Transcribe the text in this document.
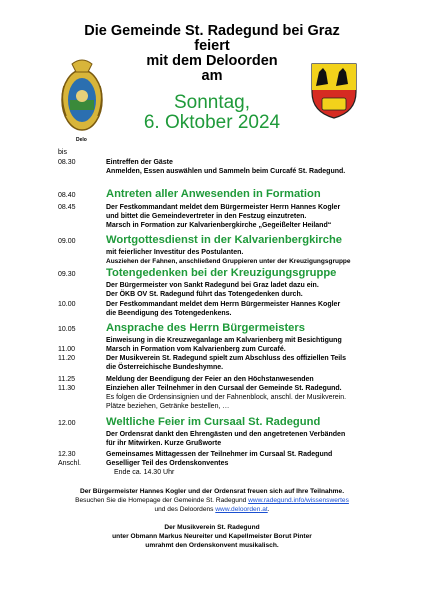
Die Gemeinde St. Radegund bei Graz
feiert
mit dem Deloorden
am
Sonntag,
6. Oktober 2024
Delo
bis
08.30	Eintreffen der Gäste
Anmelden, Essen auswählen und Sammeln beim Curcafé St. Radegund.
08.40	Antreten aller Anwesenden in Formation
08.45	Der Festkommandant meldet dem Bürgermeister Herrn Hannes Kogler
und bittet die Gemeindevertreter in den Festzug einzutreten.
Marsch in Formation zur Kalvarienbergkirche „Gegeißelter Heiland“
09.00	Wortgottesdienst in der Kalvarienbergkirche
mit feierlicher Investitur des Postulanten.
Ausziehen der Fahnen, anschließend Gruppieren unter der Kreuzigungsgruppe
09.30	Totengedenken bei der Kreuzigungsgruppe
Der Bürgermeister von Sankt Radegund bei Graz ladet dazu ein.
Der ÖKB OV St. Radegund führt das Totengedenken durch.
10.00	Der Festkommandant meldet dem Herrn Bürgermeister Hannes Kogler
die Beendigung des Totengedenkens.
10.05	Ansprache des Herrn Bürgermeisters
Einweisung in die Kreuzweganlage am Kalvarienberg mit Besichtigung
11.00	Marsch in Formation vom Kalvarienberg zum Curcafé.
11.20	Der Musikverein St. Radegund spielt zum Abschluss des offiziellen Teils
die Österreichische Bundeshymne.
11.25	Meldung der Beendigung der Feier an den Höchstanwesenden
11.30	Einziehen aller Teilnehmer in den Cursaal der Gemeinde St. Radegund.
Es folgen die Ordensinsignien und der Fahnenblock, anschl. der Musikverein.
Plätze beziehen, Getränke bestellen, …
12.00	Weltliche Feier im Cursaal St. Radegund
Der Ordensrat dankt den Ehrengästen und den angetretenen Verbänden
für ihr Mitwirken. Kurze Grußworte
12.30	Gemeinsames Mittagessen der Teilnehmer im Cursaal St. Radegund
Anschl.	Geselliger Teil des Ordenskonventes
Ende ca. 14.30 Uhr
Der Bürgermeister Hannes Kogler und der Ordensrat freuen sich auf Ihre Teilnahme.
Besuchen Sie die Homepage der Gemeinde St. Radegund www.radegund.info/wissenswertes
und des Deloordens www.deloorden.at.
Der Musikverein St. Radegund
unter Obmann Markus Neureiter und Kapellmeister Borut Pinter
umrahmt den Ordenskonvent musikalisch.
